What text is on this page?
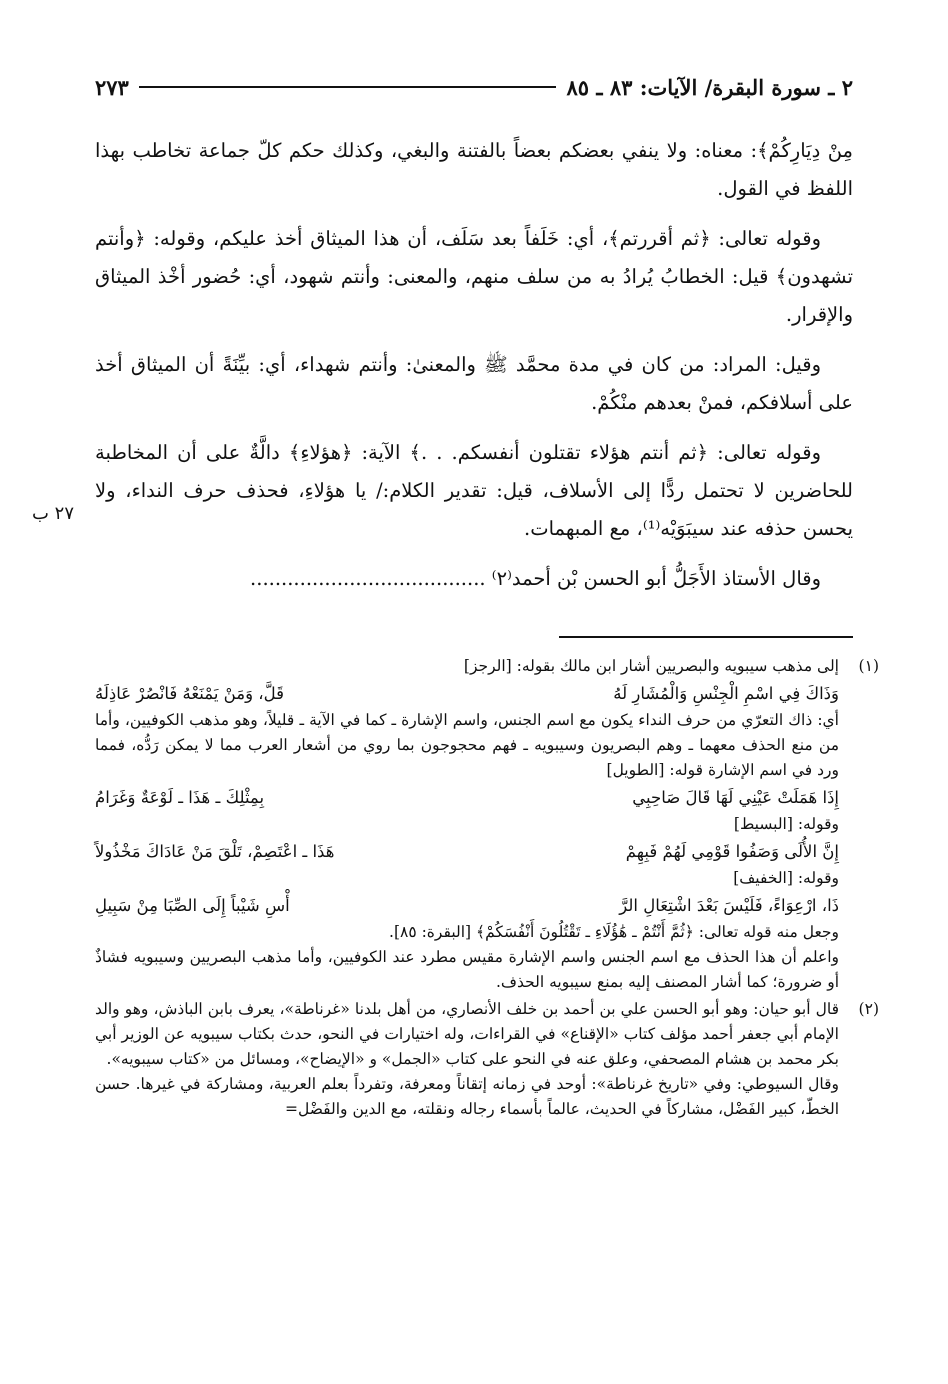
٢ ـ سورة البقرة/ الآيات: ٨٣ ـ ٨٥
٢٧٣

مِنْ دِيَارِكُمْ﴾: معناه: ولا ينفي بعضكم بعضاً بالفتنة والبغي، وكذلك حكم كلّ جماعة تخاطب بهذا اللفظ في القول.

وقوله تعالى: ﴿ثم أقررتم﴾، أي: خَلَفاً بعد سَلَف، أن هذا الميثاق أخذ عليكم، وقوله: ﴿وأنتم تشهدون﴾ قيل: الخطابُ يُرادُ به من سلف منهم، والمعنى: وأنتم شهود، أي: حُضور أخْذ الميثاق والإقرار.

وقيل: المراد: من كان في مدة محمَّد ﷺ والمعنىٰ: وأنتم شهداء، أي: بيِّنَةً أن الميثاق أخذ على أسلافكم، فمنْ بعدهم منْكُمْ.

وقوله تعالى: ﴿ثم أنتم هؤلاء تقتلون أنفسكم. . .﴾ الآية: ﴿هؤلاءِ﴾ دالَّةٌ على أن المخاطبة للحاضرين لا تحتمل ردًّا إلى الأسلاف، قيل: تقدير الكلام:/ يا هؤلاءِ، فحذف حرف النداء، ولا يحسن حذفه عند سيبَوَيْه⁽¹⁾، مع المبهمات.

وقال الأستاذ الأَجَلُّ أبو الحسن بْن أحمد⁽٢⁾ ......................................

٢٧ ب
(١)
إلى مذهب سيبويه والبصريين أشار ابن مالك بقوله: [الرجز]
وَذَاكَ فِي اسْمِ الْجِنْسِ وَالْمُشَارِ لَهُ
قَلَّ، وَمَنْ يَمْنَعْهُ فَانْصُرْ عَاذِلَهُ
أي: ذاك التعرّي من حرف النداء يكون مع اسم الجنس، واسم الإشارة ـ كما في الآية ـ قليلاً، وهو مذهب الكوفيين، وأما من منع الحذف معهما ـ وهم البصريون وسيبويه ـ فهم محجوجون بما روي من أشعار العرب مما لا يمكن رَدُّه، فمما ورد في اسم الإشارة قوله: [الطويل]
إِذَا هَمَلَتْ عَيْنِي لَهَا قَالَ صَاحِبِي
بِمِثْلِكَ ـ هَذَا ـ لَوْعَةٌ وَغَرَامُ
وقوله: [البسيط]
إِنَّ الأُلَى وَصَفُوا قَوْمِي لَهُمْ فَبِهِمْ
هَذَا ـ اعْتَصِمْ، تَلْقَ مَنْ عَادَاكَ مَخْذُولاً
وقوله: [الخفيف]
ذَا، ارْعِوَاءً، فَلَيْسَ بَعْدَ اشْتِعَالِ الرَّ
أْسِ شَيْباً إِلَى الصِّبَا مِنْ سَبِيلِ
وجعل منه قوله تعالى: ﴿ثُمَّ أَنْتُمْ ـ هَٰؤُلَاءِ ـ تَقْتُلُونَ أَنْفُسَكُمْ﴾ [البقرة: ٨٥].
واعلم أن هذا الحذف مع اسم الجنس واسم الإشارة مقيس مطرد عند الكوفيين، وأما مذهب البصريين وسيبويه فشاذٌ أو ضرورة؛ كما أشار المصنف إليه بمنع سيبويه الحذف.
(٢)
قال أبو حيان: وهو أبو الحسن علي بن أحمد بن خلف الأنصاري، من أهل بلدنا «غرناطة»، يعرف بابن الباذش، وهو والد الإمام أبي جعفر أحمد مؤلف كتاب «الإقناع» في القراءات، وله اختيارات في النحو، حدث بكتاب سيبويه عن الوزير أبي بكر محمد بن هشام المصحفي، وعلق عنه في النحو على كتاب «الجمل» و «الإيضاح»، ومسائل من «كتاب سيبويه».
وقال السيوطي: وفي «تاريخ غرناطة»: أوحد في زمانه إتقاناً ومعرفة، وتفرداً بعلم العربية، ومشاركة في غيرها. حسن الخطّ، كبير الفَضْل، مشاركاً في الحديث، عالماً بأسماء رجاله ونقلته، مع الدين والفَضْل=
